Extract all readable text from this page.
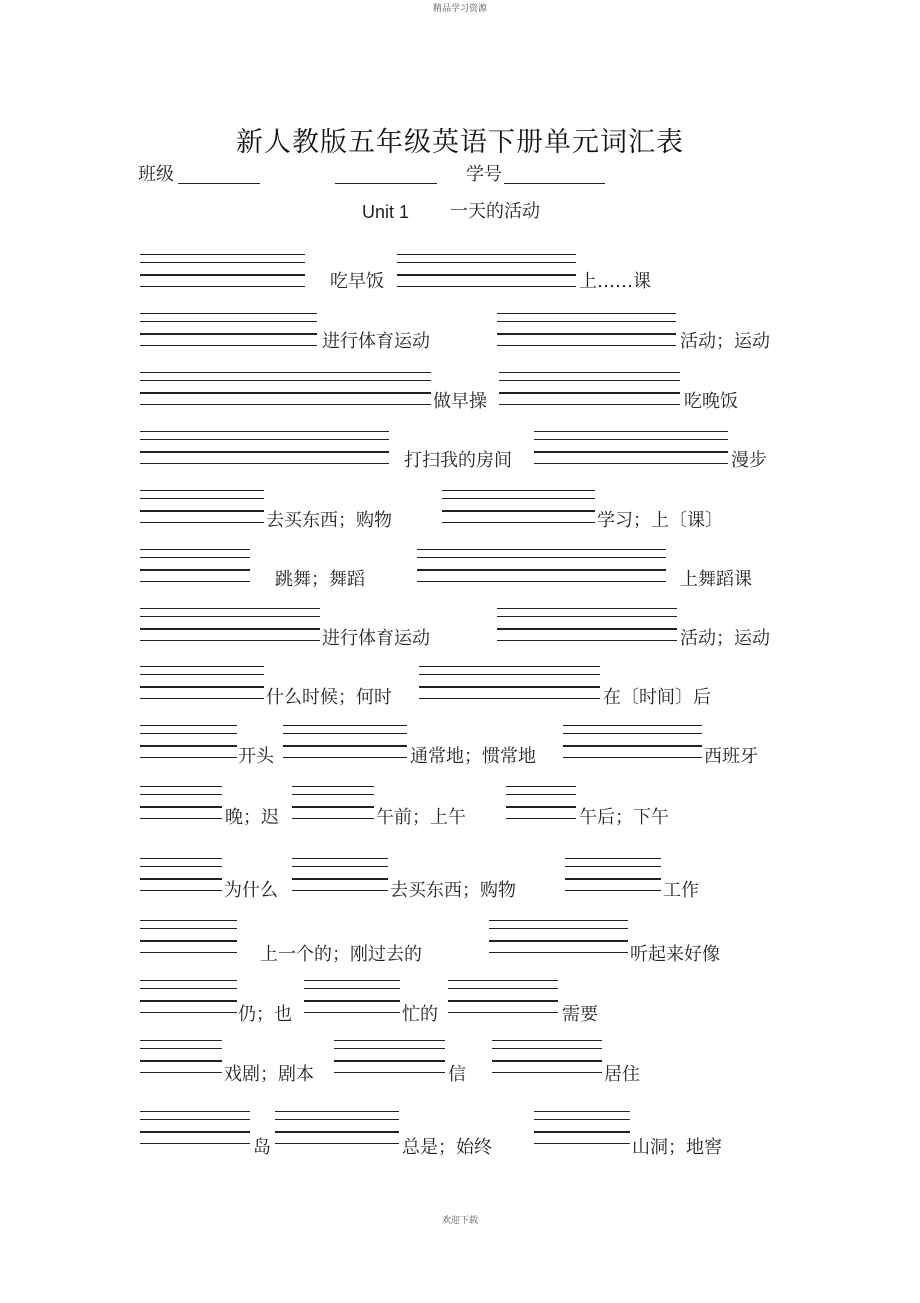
精品学习资源
新人教版五年级英语下册单元词汇表
班级	学号
Unit 1 一天的活动
吃早饭	上……课
进行体育运动	活动；运动
做早操	吃晚饭
打扫我的房间	漫步
去买东西；购物	学习；上〔课〕
跳舞；舞蹈	上舞蹈课
进行体育运动	活动；运动
什么时候；何时	在〔时间〕后
开头	通常地；惯常地	西班牙
晚；迟	午前；上午	午后；下午
为什么	去买东西；购物	工作
上一个的；刚过去的	听起来好像
仍；也	忙的	需要
戏剧；剧本	信	居住
岛	总是；始终	山洞；地窖
欢迎下载
